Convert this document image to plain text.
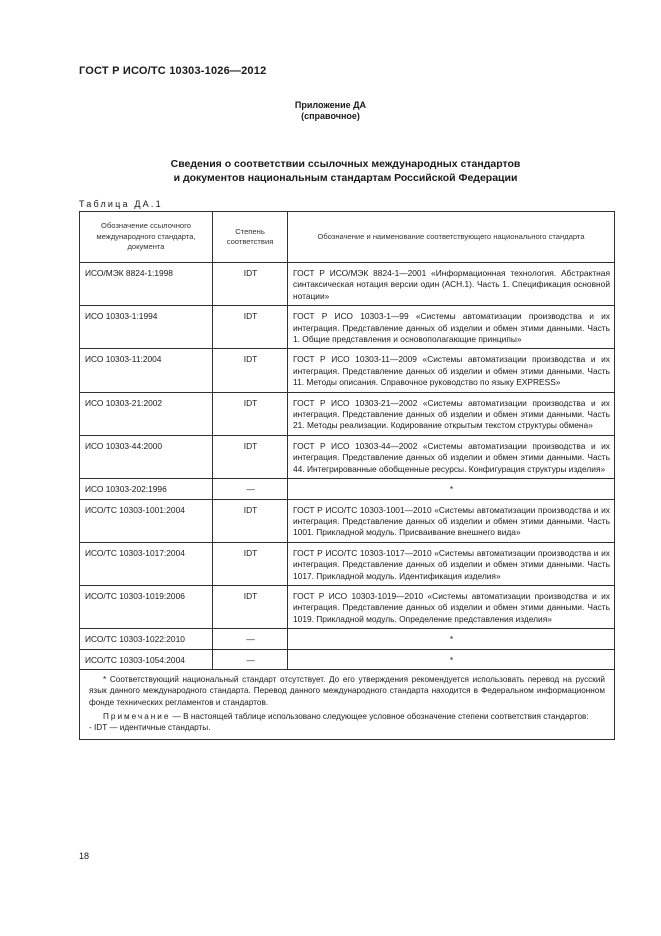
ГОСТ Р ИСО/ТС 10303-1026—2012
Приложение ДА
(справочное)
Сведения о соответствии ссылочных международных стандартов
и документов национальным стандартам Российской Федерации
Таблица ДА.1
Обозначение ссылочного международного стандарта, документа	Степень соответствия	Обозначение и наименование соответствующего национального стандарта
ИСО/МЭК 8824-1:1998	IDT	ГОСТ Р ИСО/МЭК 8824-1—2001 «Информационная технология. Абстрактная синтаксическая нотация версии один (АСН.1). Часть 1. Спецификация основной нотации»
ИСО 10303-1:1994	IDT	ГОСТ Р ИСО 10303-1—99 «Системы автоматизации производства и их интеграция. Представление данных об изделии и обмен этими данными. Часть 1. Общие представления и основополагающие принципы»
ИСО 10303-11:2004	IDT	ГОСТ Р ИСО 10303-11—2009 «Системы автоматизации производства и их интеграция. Представление данных об изделии и обмен этими данными. Часть 11. Методы описания. Справочное руководство по языку EXPRESS»
ИСО 10303-21:2002	IDT	ГОСТ Р ИСО 10303-21—2002 «Системы автоматизации производства и их интеграция. Представление данных об изделии и обмен этими данными. Часть 21. Методы реализации. Кодирование открытым текстом структуры обмена»
ИСО 10303-44:2000	IDT	ГОСТ Р ИСО 10303-44—2002 «Системы автоматизации производства и их интеграция. Представление данных об изделии и обмен этими данными. Часть 44. Интегрированные обобщенные ресурсы. Конфигурация структуры изделия»
ИСО 10303-202:1996	—	*
ИСО/ТС 10303-1001:2004	IDT	ГОСТ Р ИСО/ТС 10303-1001—2010 «Системы автоматизации производства и их интеграция. Представление данных об изделии и обмен этими данными. Часть 1001. Прикладной модуль. Присваивание внешнего вида»
ИСО/ТС 10303-1017:2004	IDT	ГОСТ Р ИСО/ТС 10303-1017—2010 «Системы автоматизации производства и их интеграция. Представление данных об изделии и обмен этими данными. Часть 1017. Прикладной модуль. Идентификация изделия»
ИСО/ТС 10303-1019:2006	IDT	ГОСТ Р ИСО 10303-1019—2010 «Системы автоматизации производства и их интеграция. Представление данных об изделии и обмен этими данными. Часть 1019. Прикладной модуль. Определение представления изделия»
ИСО/ТС 10303-1022:2010	—	*
ИСО/ТС 10303-1054:2004	—	*

* Соответствующий национальный стандарт отсутствует. До его утверждения рекомендуется использовать перевод на русский язык данного международного стандарта. Перевод данного международного стандарта находится в Федеральном информационном фонде технических регламентов и стандартов.

Примечание — В настоящей таблице использовано следующее условное обозначение степени соответствия стандартов:

- IDT — идентичные стандарты.		

18
